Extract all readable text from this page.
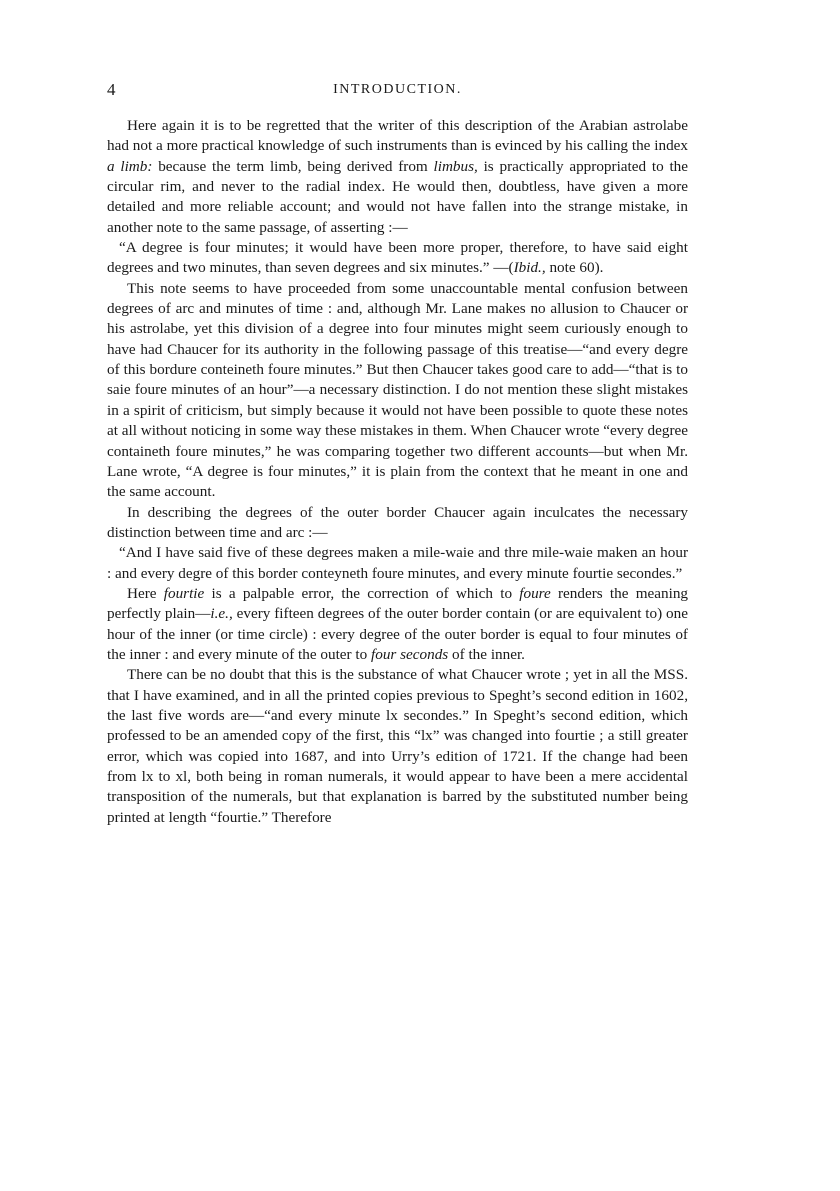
4	INTRODUCTION.

Here again it is to be regretted that the writer of this description of the Arabian astrolabe had not a more practical knowledge of such instruments than is evinced by his calling the index a limb: because the term limb, being derived from limbus, is practically appropriated to the circular rim, and never to the radial index. He would then, doubtless, have given a more detailed and more reliable account; and would not have fallen into the strange mistake, in another note to the same passage, of asserting :—

“A degree is four minutes; it would have been more proper, therefore, to have said eight degrees and two minutes, than seven degrees and six minutes.” —(Ibid., note 60).

This note seems to have proceeded from some unaccountable mental confusion between degrees of arc and minutes of time : and, although Mr. Lane makes no allusion to Chaucer or his astrolabe, yet this division of a degree into four minutes might seem curiously enough to have had Chaucer for its authority in the following passage of this treatise—“and every degre of this bordure conteineth foure minutes.” But then Chaucer takes good care to add—“that is to saie foure minutes of an hour”—a necessary distinction. I do not mention these slight mistakes in a spirit of criticism, but simply because it would not have been possible to quote these notes at all without noticing in some way these mistakes in them. When Chaucer wrote “every degree containeth foure minutes,” he was comparing together two different accounts—but when Mr. Lane wrote, “A degree is four minutes,” it is plain from the context that he meant in one and the same account.

In describing the degrees of the outer border Chaucer again inculcates the necessary distinction between time and arc :—

“And I have said five of these degrees maken a mile-waie and thre mile-waie maken an hour : and every degre of this border conteyneth foure minutes, and every minute fourtie secondes.”

Here fourtie is a palpable error, the correction of which to foure renders the meaning perfectly plain—i.e., every fifteen degrees of the outer border contain (or are equivalent to) one hour of the inner (or time circle) : every degree of the outer border is equal to four minutes of the inner : and every minute of the outer to four seconds of the inner.

There can be no doubt that this is the substance of what Chaucer wrote ; yet in all the MSS. that I have examined, and in all the printed copies previous to Speght’s second edition in 1602, the last five words are—“and every minute lx secondes.” In Speght’s second edition, which professed to be an amended copy of the first, this “lx” was changed into fourtie ; a still greater error, which was copied into 1687, and into Urry’s edition of 1721. If the change had been from lx to xl, both being in roman numerals, it would appear to have been a mere accidental transposition of the numerals, but that explanation is barred by the substituted number being printed at length “fourtie.” Therefore
